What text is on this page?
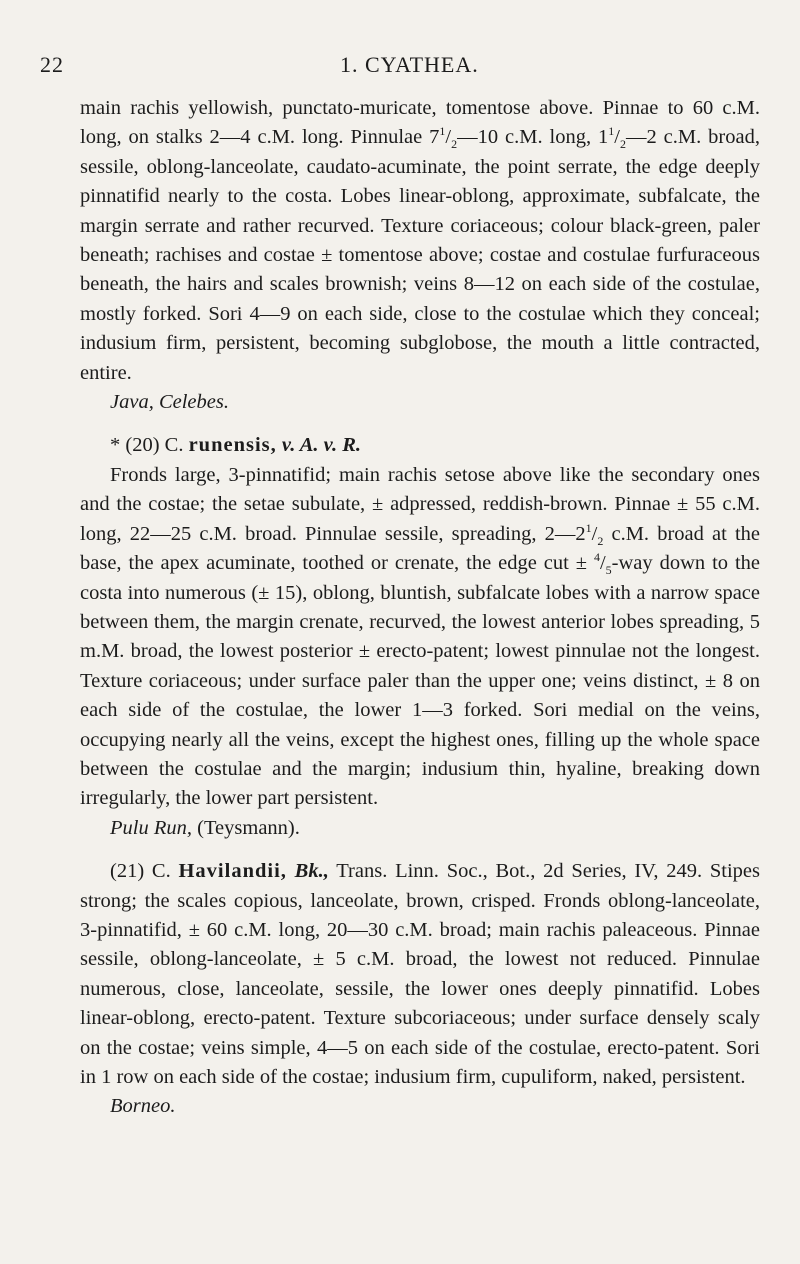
22	1. CYATHEA.

main rachis yellowish, punctato-muricate, tomentose above. Pinnae to 60 c.M. long, on stalks 2—4 c.M. long. Pinnulae $7^1/_2—10$ c.M. long, $1^1/_2—2$ c.M. broad, sessile, oblong-lanceolate, caudato-acuminate, the point serrate, the edge deeply pinnatifid nearly to the costa. Lobes linear-oblong, approximate, subfalcate, the margin serrate and rather recurved. Texture coriaceous; colour black-green, paler beneath; rachises and costae ± tomentose above; costae and costulae furfuraceous beneath, the hairs and scales brownish; veins 8—12 on each side of the costulae, mostly forked. Sori 4—9 on each side, close to the costulae which they conceal; indusium firm, persistent, becoming subglobose, the mouth a little contracted, entire.

Java, Celebes.

* (20) C. runensis, v. A. v. R.

Fronds large, 3-pinnatifid; main rachis setose above like the secondary ones and the costae; the setae subulate, ± adpressed, reddish-brown. Pinnae ± 55 c.M. long, 22—25 c.M. broad. Pinnulae sessile, spreading, $2—2^1/_2$ c.M. broad at the base, the apex acuminate, toothed or crenate, the edge cut ± $^4/_5$-way down to the costa into numerous (± 15), oblong, bluntish, subfalcate lobes with a narrow space between them, the margin crenate, recurved, the lowest anterior lobes spreading, 5 m.M. broad, the lowest posterior ± erecto-patent; lowest pinnulae not the longest. Texture coriaceous; under surface paler than the upper one; veins distinct, ± 8 on each side of the costulae, the lower 1—3 forked. Sori medial on the veins, occupying nearly all the veins, except the highest ones, filling up the whole space between the costulae and the margin; indusium thin, hyaline, breaking down irregularly, the lower part persistent.

Pulu Run, (Teysmann).

(21) C. Havilandii, Bk., Trans. Linn. Soc., Bot., 2d Series, IV, 249. Stipes strong; the scales copious, lanceolate, brown, crisped. Fronds oblong-lanceolate, 3-pinnatifid, ± 60 c.M. long, 20—30 c.M. broad; main rachis paleaceous. Pinnae sessile, oblong-lanceolate, ± 5 c.M. broad, the lowest not reduced. Pinnulae numerous, close, lanceolate, sessile, the lower ones deeply pinnatifid. Lobes linear-oblong, erecto-patent. Texture subcoriaceous; under surface densely scaly on the costae; veins simple, 4—5 on each side of the costulae, erecto-patent. Sori in 1 row on each side of the costae; indusium firm, cupuliform, naked, persistent.

Borneo.
